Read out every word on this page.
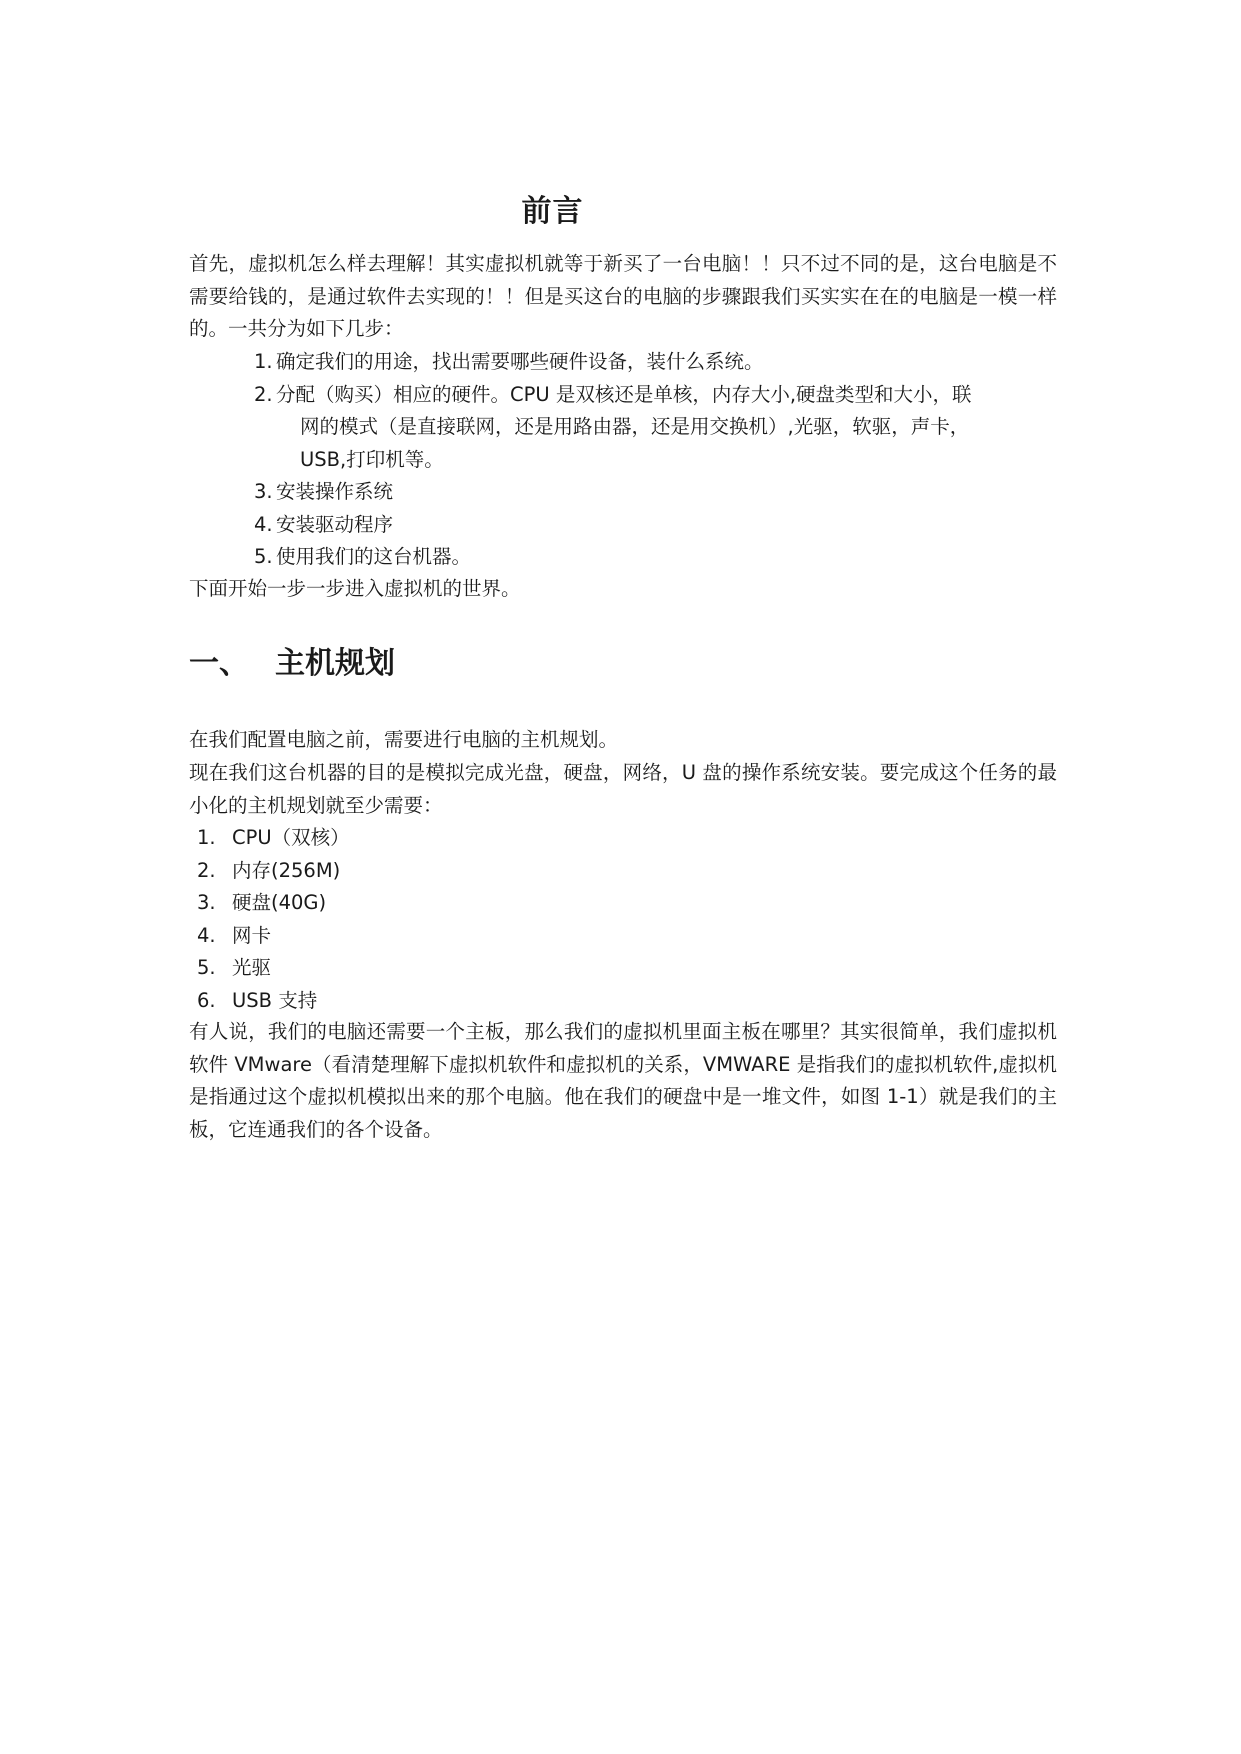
前言
首先，虚拟机怎么样去理解！其实虚拟机就等于新买了一台电脑！！只不过不同的是，这台电脑是不需要给钱的，是通过软件去实现的！！但是买这台的电脑的步骤跟我们买实实在在的电脑是一模一样的。一共分为如下几步：
1. 确定我们的用途，找出需要哪些硬件设备，装什么系统。
2. 分配（购买）相应的硬件。CPU 是双核还是单核，内存大小,硬盘类型和大小，联
网的模式（是直接联网，还是用路由器，还是用交换机）,光驱，软驱，声卡，
USB,打印机等。
3. 安装操作系统
4. 安装驱动程序
5. 使用我们的这台机器。
下面开始一步一步进入虚拟机的世界。
一、 主机规划
在我们配置电脑之前，需要进行电脑的主机规划。
现在我们这台机器的目的是模拟完成光盘，硬盘，网络，U 盘的操作系统安装。要完成这个任务的最小化的主机规划就至少需要：
1. CPU（双核）
2. 内存(256M)
3. 硬盘(40G)
4. 网卡
5. 光驱
6. USB 支持
有人说，我们的电脑还需要一个主板，那么我们的虚拟机里面主板在哪里？其实很简单，我们虚拟机软件 VMware（看清楚理解下虚拟机软件和虚拟机的关系，VMWARE 是指我们的虚拟机软件,虚拟机是指通过这个虚拟机模拟出来的那个电脑。他在我们的硬盘中是一堆文件，如图 1-1）就是我们的主板，它连通我们的各个设备。
